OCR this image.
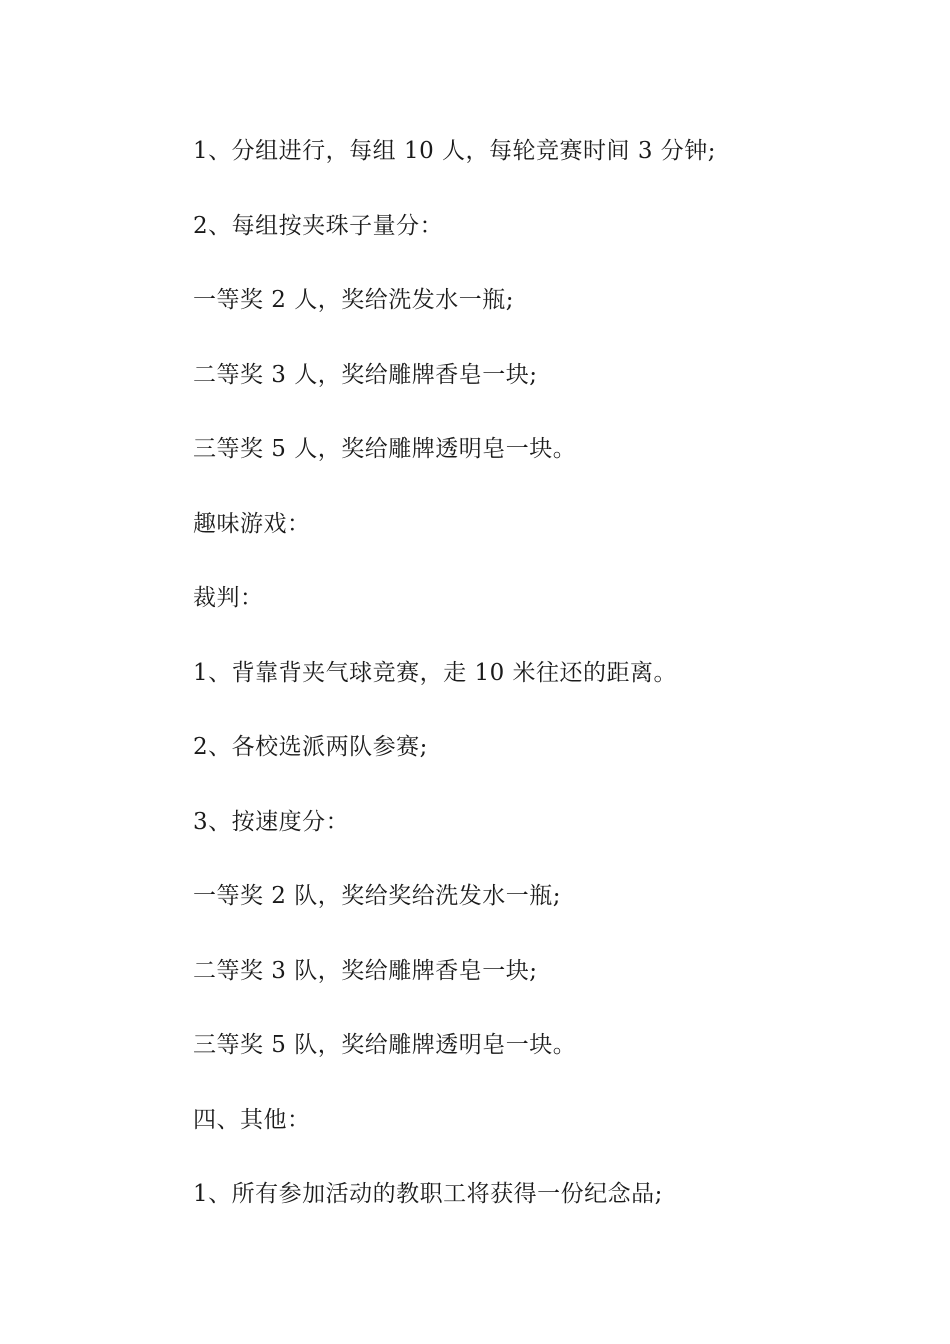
1、分组进行，每组 10 人，每轮竞赛时间 3 分钟;

2、每组按夹珠子量分：

一等奖 2 人，奖给洗发水一瓶;

二等奖 3 人，奖给雕牌香皂一块;

三等奖 5 人，奖给雕牌透明皂一块。

趣味游戏：

裁判：

1、背靠背夹气球竞赛，走 10 米往还的距离。

2、各校选派两队参赛;

3、按速度分：

一等奖 2 队，奖给奖给洗发水一瓶;

二等奖 3 队，奖给雕牌香皂一块;

三等奖 5 队，奖给雕牌透明皂一块。

四、其他：

1、所有参加活动的教职工将获得一份纪念品;
